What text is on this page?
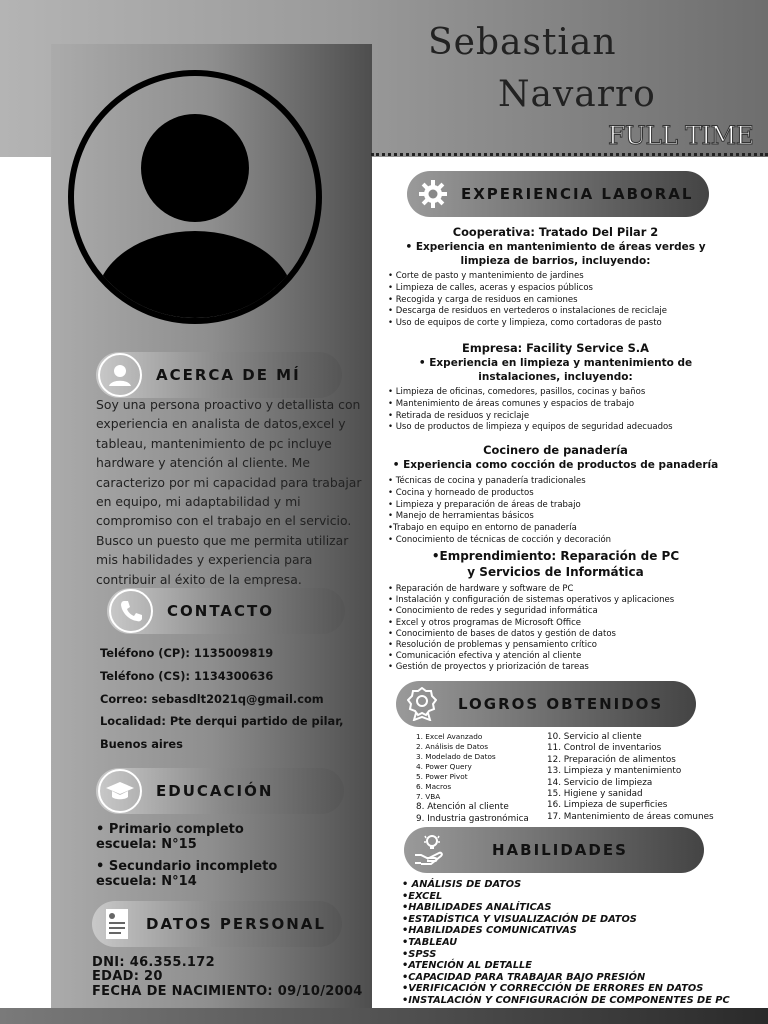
Sebastian
Navarro
FULL TIME
ACERCA DE MÍ
Soy una persona proactivo y detallista con experiencia en analista de datos,excel y tableau, mantenimiento de pc incluye hardware y atención al cliente. Me caracterizo por mi capacidad para trabajar en equipo, mi adaptabilidad y mi compromiso con el trabajo en el servicio. Busco un puesto que me permita utilizar mis habilidades y experiencia para contribuir al éxito de la empresa.
CONTACTO
Teléfono (CP): 1135009819
Teléfono (CS): 1134300636
Correo: sebasdlt2021q@gmail.com
Localidad: Pte derqui partido de pilar,
Buenos aires
EDUCACIÓN
• Primario completo
escuela: N°15
• Secundario incompleto
escuela: N°14
DATOS PERSONAL
DNI: 46.355.172
EDAD: 20
FECHA DE NACIMIENTO: 09/10/2004
EXPERIENCIA LABORAL
Cooperativa: Tratado Del Pilar 2
• Experiencia en mantenimiento de áreas verdes y limpieza de barrios, incluyendo:
• Corte de pasto y mantenimiento de jardines
• Limpieza de calles, aceras y espacios públicos
• Recogida y carga de residuos en camiones
• Descarga de residuos en vertederos o instalaciones de reciclaje
• Uso de equipos de corte y limpieza, como cortadoras de pasto
Empresa: Facility Service S.A
• Experiencia en limpieza y mantenimiento de instalaciones, incluyendo:
• Limpieza de oficinas, comedores, pasillos, cocinas y baños
• Mantenimiento de áreas comunes y espacios de trabajo
• Retirada de residuos y reciclaje
• Uso de productos de limpieza y equipos de seguridad adecuados
Cocinero de panadería
• Experiencia como cocción de productos de panadería
• Técnicas de cocina y panadería tradicionales
• Cocina y horneado de productos
• Limpieza y preparación de áreas de trabajo
• Manejo de herramientas básicos
•Trabajo en equipo en entorno de panadería
• Conocimiento de técnicas de cocción y decoración
•Emprendimiento: Reparación de PC y Servicios de Informática
• Reparación de hardware y software de PC
• Instalación y configuración de sistemas operativos y aplicaciones
• Conocimiento de redes y seguridad informática
• Excel y otros programas de Microsoft Office
• Conocimiento de bases de datos y gestión de datos
• Resolución de problemas y pensamiento crítico
• Comunicación efectiva y atención al cliente
• Gestión de proyectos y priorización de tareas
LOGROS OBTENIDOS
1. Excel Avanzado
2. Análisis de Datos
3. Modelado de Datos
4. Power Query
5. Power Pivot
6. Macros
7. VBA
8. Atención al cliente
9. Industria gastronómica
10. Servicio al cliente
11. Control de inventarios
12. Preparación de alimentos
13. Limpieza y mantenimiento
14. Servicio de limpieza
15. Higiene y sanidad
16. Limpieza de superficies
17. Mantenimiento de áreas comunes
HABILIDADES
• ANÁLISIS DE DATOS
•EXCEL
•HABILIDADES ANALÍTICAS
•ESTADÍSTICA Y VISUALIZACIÓN DE DATOS
•HABILIDADES COMUNICATIVAS
•TABLEAU
•SPSS
•ATENCIÓN AL DETALLE
•CAPACIDAD PARA TRABAJAR BAJO PRESIÓN
•VERIFICACIÓN Y CORRECCIÓN DE ERRORES EN DATOS
•INSTALACIÓN Y CONFIGURACIÓN DE COMPONENTES DE PC
